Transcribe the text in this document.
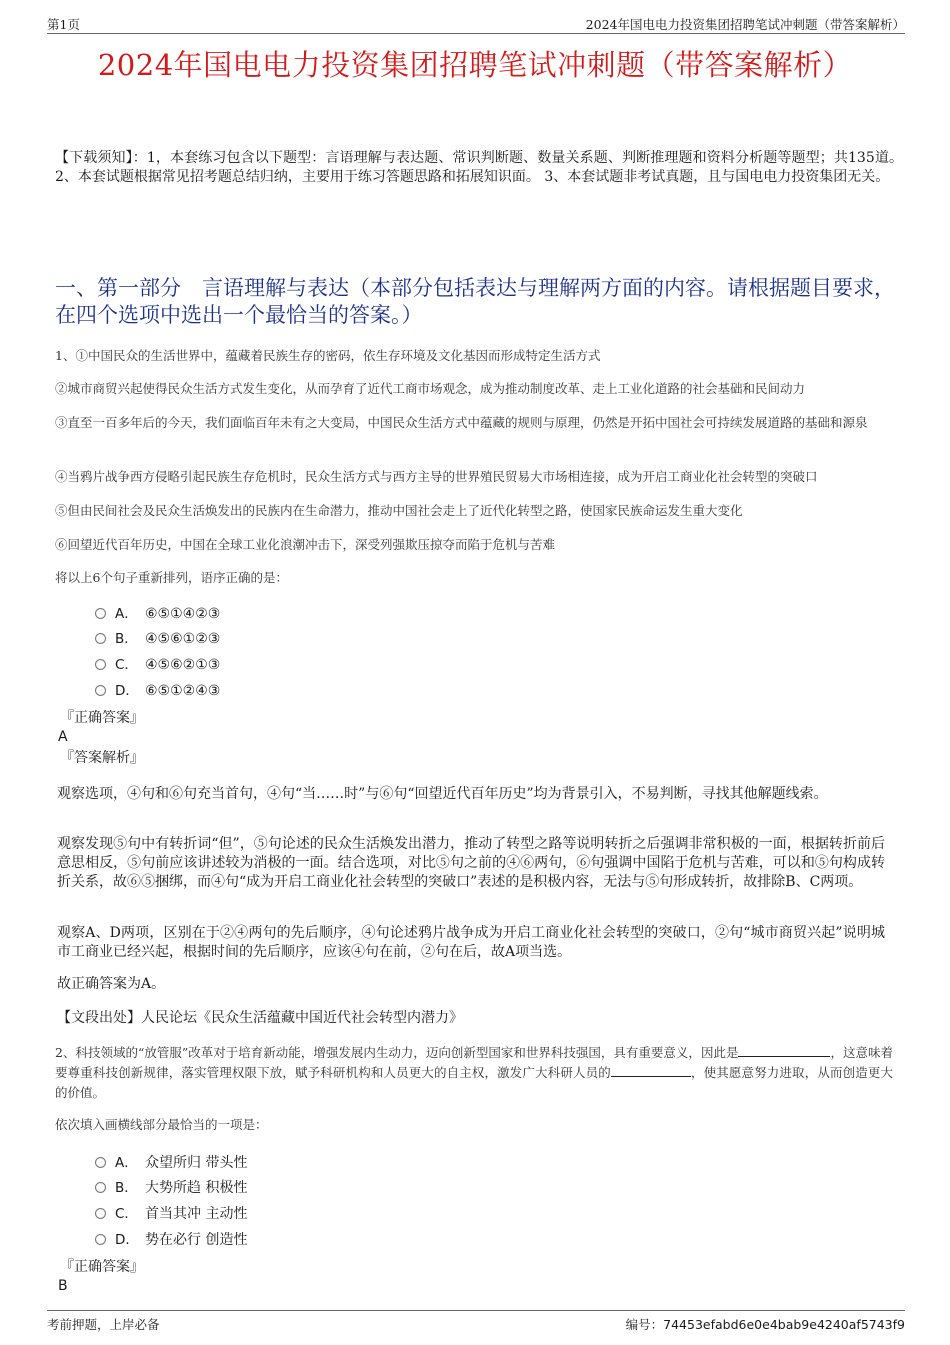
第1页	2024年国电电力投资集团招聘笔试冲刺题（带答案解析）
2024年国电电力投资集团招聘笔试冲刺题（带答案解析）
【下载须知】：1，本套练习包含以下题型：言语理解与表达题、常识判断题、数量关系题、判断推理题和资料分析题等题型；共135道。 2、本套试题根据常见招考题总结归纳，主要用于练习答题思路和拓展知识面。 3、本套试题非考试真题，且与国电电力投资集团无关。
一、第一部分　言语理解与表达（本部分包括表达与理解两方面的内容。请根据题目要求，在四个选项中选出一个最恰当的答案。）
1、①中国民众的生活世界中，蕴藏着民族生存的密码，依生存环境及文化基因而形成特定生活方式
②城市商贸兴起使得民众生活方式发生变化，从而孕育了近代工商市场观念，成为推动制度改革、走上工业化道路的社会基础和民间动力
③直至一百多年后的今天，我们面临百年未有之大变局，中国民众生活方式中蕴藏的规则与原理，仍然是开拓中国社会可持续发展道路的基础和源泉
④当鸦片战争西方侵略引起民族生存危机时，民众生活方式与西方主导的世界殖民贸易大市场相连接，成为开启工商业化社会转型的突破口
⑤但由民间社会及民众生活焕发出的民族内在生命潜力，推动中国社会走上了近代化转型之路，使国家民族命运发生重大变化
⑥回望近代百年历史，中国在全球工业化浪潮冲击下，深受列强欺压掠夺而陷于危机与苦难
将以上6个句子重新排列，语序正确的是：
A． ⑥⑤①④②③
B． ④⑤⑥①②③
C． ④⑤⑥②①③
D． ⑥⑤①②④③
『正确答案』
A
『答案解析』
观察选项，④句和⑥句充当首句，④句“当……时”与⑥句“回望近代百年历史”均为背景引入，不易判断，寻找其他解题线索。
观察发现⑤句中有转折词“但”，⑤句论述的民众生活焕发出潜力，推动了转型之路等说明转折之后强调非常积极的一面，根据转折前后意思相反，⑤句前应该讲述较为消极的一面。结合选项，对比⑤句之前的④⑥两句，⑥句强调中国陷于危机与苦难，可以和⑤句构成转折关系，故⑥⑤捆绑，而④句“成为开启工商业化社会转型的突破口”表述的是积极内容，无法与⑤句形成转折，故排除B、C两项。
观察A、D两项，区别在于②④两句的先后顺序，④句论述鸦片战争成为开启工商业化社会转型的突破口，②句“城市商贸兴起”说明城市工商业已经兴起，根据时间的先后顺序，应该④句在前，②句在后，故A项当选。
故正确答案为A。
【文段出处】人民论坛《民众生活蕴藏中国近代社会转型内潜力》
2、科技领域的“放管服”改革对于培育新动能，增强发展内生动力，迈向创新型国家和世界科技强国，具有重要意义，因此是	，这意味着要尊重科技创新规律，落实管理权限下放，赋予科研机构和人员更大的自主权，激发广大科研人员的	，使其愿意努力进取，从而创造更大的价值。
依次填入画横线部分最恰当的一项是：
A． 众望所归 带头性
B． 大势所趋 积极性
C． 首当其冲 主动性
D． 势在必行 创造性
『正确答案』
B
考前押题，上岸必备	编号：74453efabd6e0e4bab9e4240af5743f9
